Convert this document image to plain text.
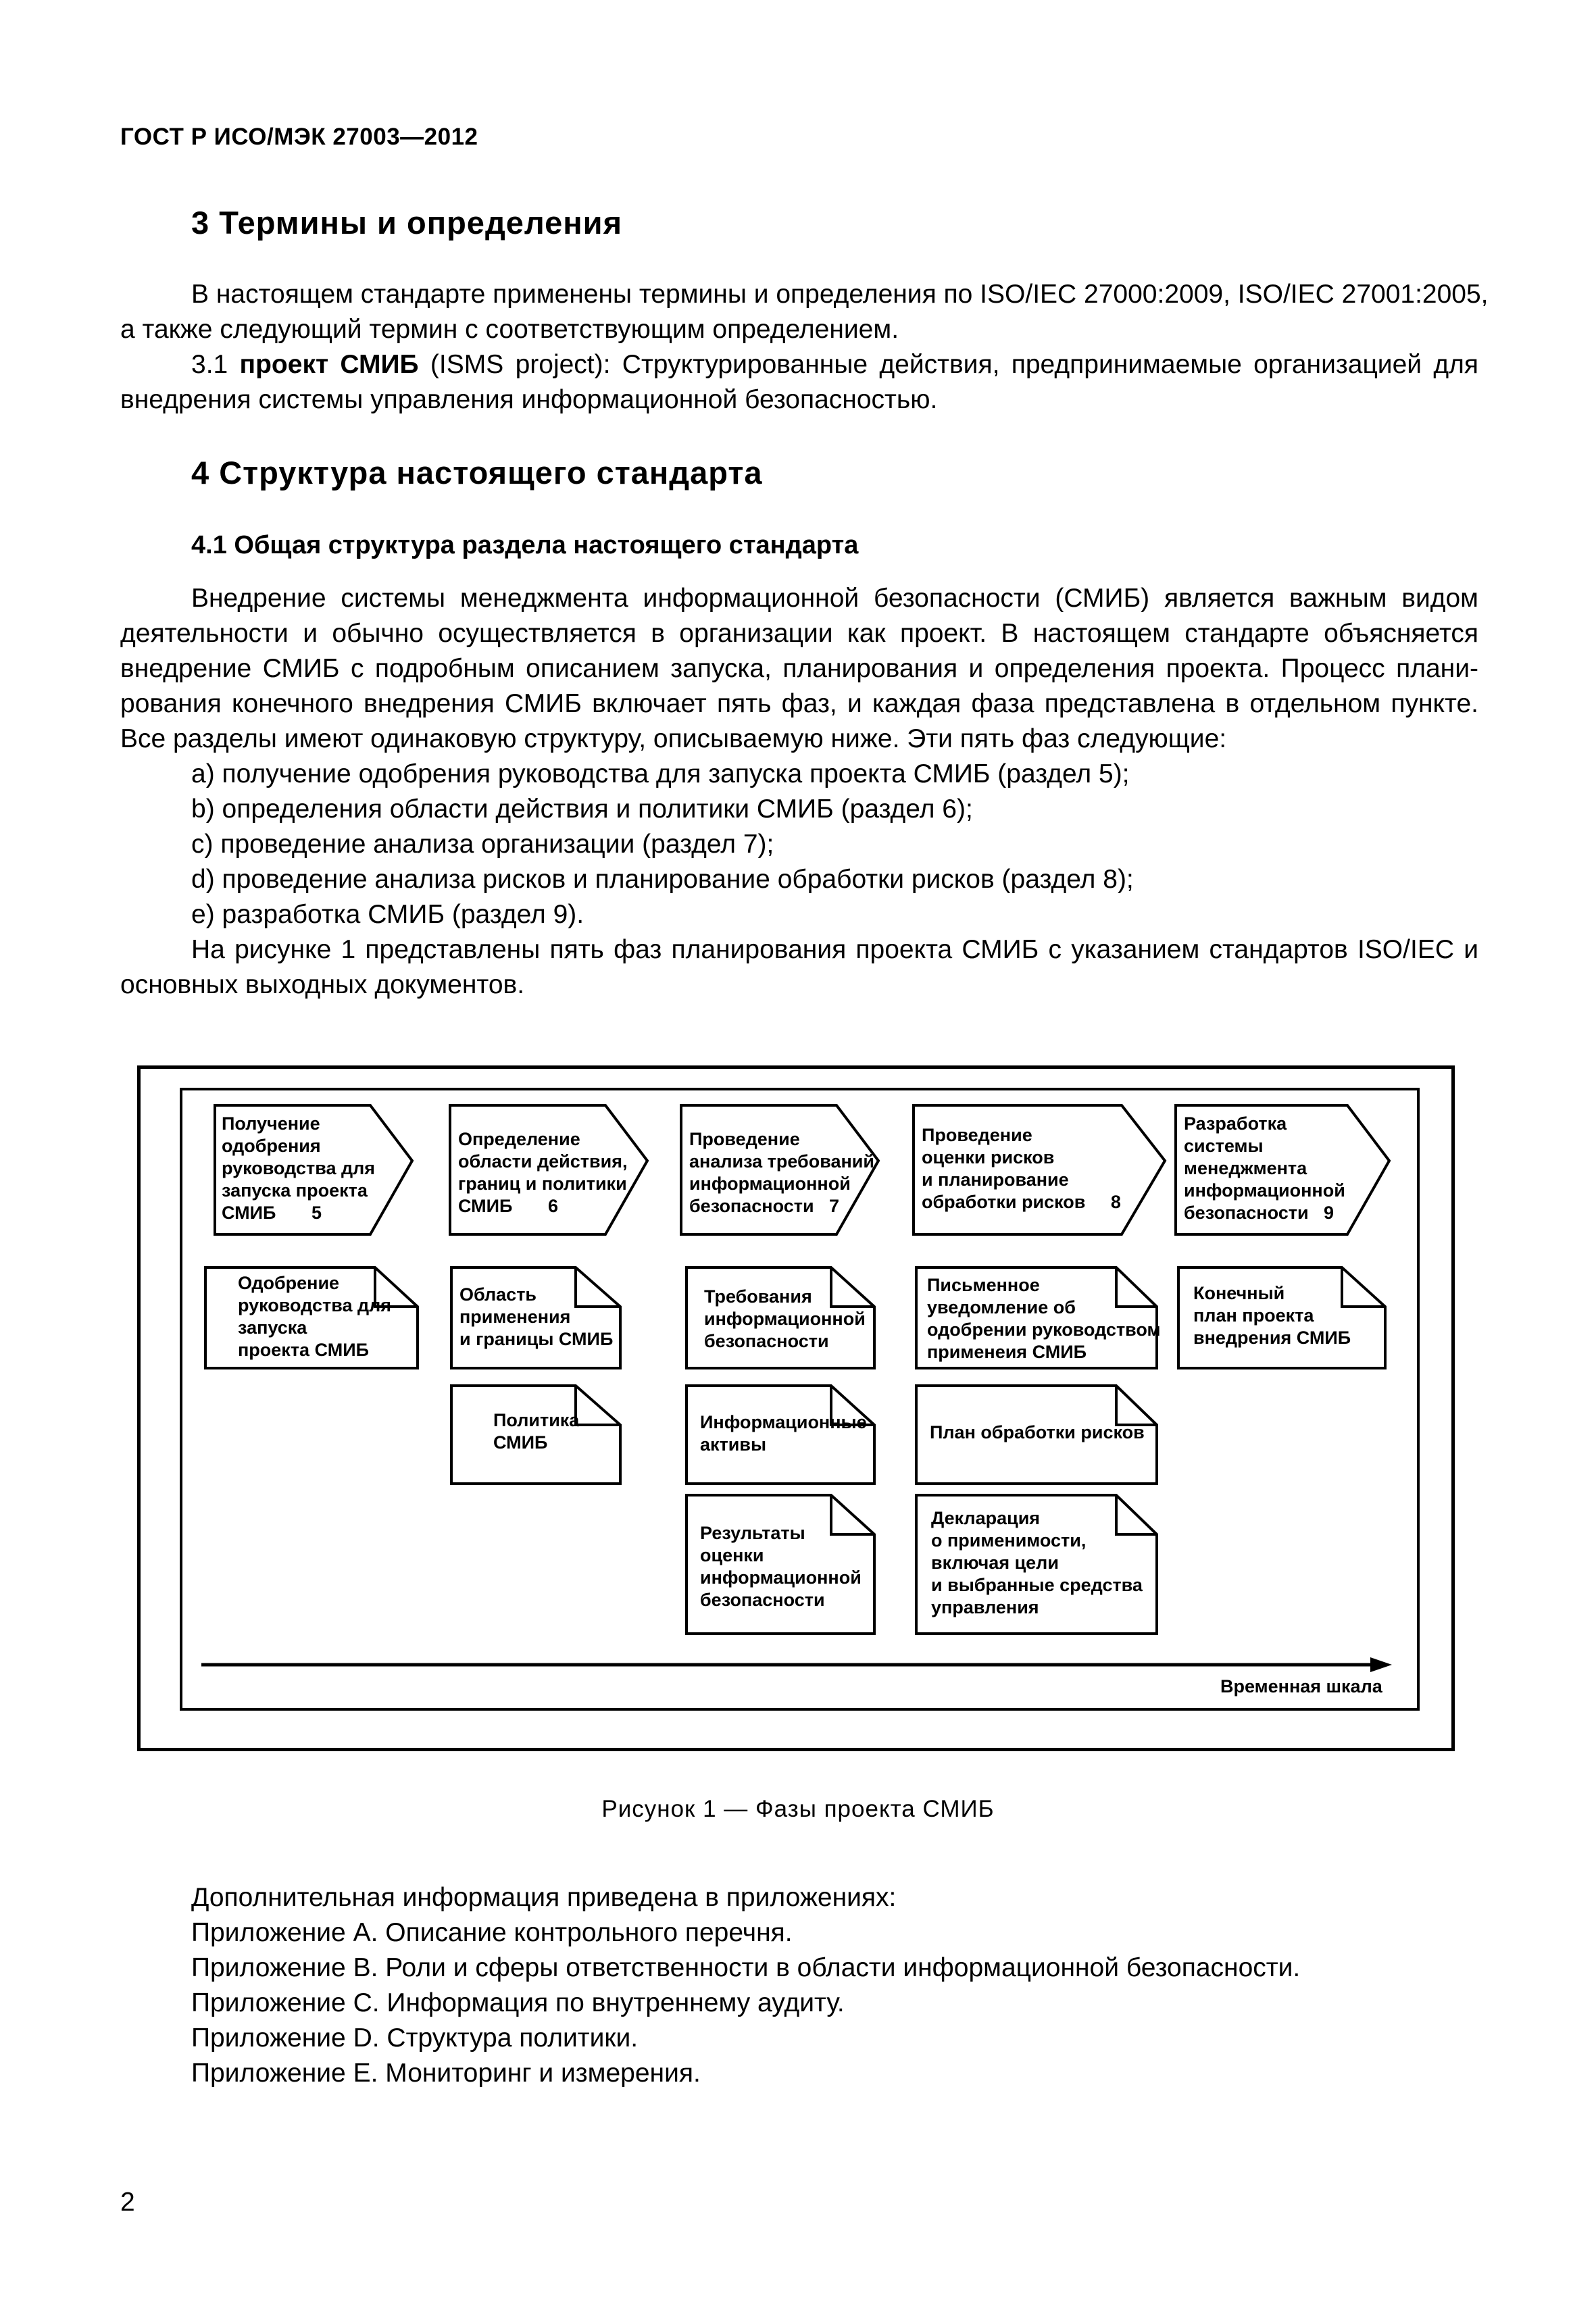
ГОСТ Р ИСО/МЭК 27003—2012
3 Термины и определения
В настоящем стандарте применены термины и определения по ISO/IEC 27000:2009, ISO/IEC 27001:2005,
а также следующий термин с соответствующим определением.
3.1 проект СМИБ (ISMS project): Структурированные действия, предпринимаемые организацией для
внедрения системы управления информационной безопасностью.
4 Структура настоящего стандарта
4.1 Общая структура раздела настоящего стандарта
Внедрение системы менеджмента информационной безопасности (СМИБ) является важным видом
деятельности и обычно осуществляется в организации как проект. В настоящем стандарте объясняется
внедрение СМИБ с подробным описанием запуска, планирования и определения проекта. Процесс плани-
рования конечного внедрения СМИБ включает пять фаз, и каждая фаза представлена в отдельном пункте.
Все разделы имеют одинаковую структуру, описываемую ниже. Эти пять фаз следующие:
a) получение одобрения руководства для запуска проекта СМИБ (раздел 5);
b) определения области действия и политики СМИБ (раздел 6);
c) проведение анализа организации (раздел 7);
d) проведение анализа рисков и планирование обработки рисков (раздел 8);
e) разработка СМИБ (раздел 9).
На рисунке 1 представлены пять фаз планирования проекта СМИБ с указанием стандартов ISO/IEC и
основных выходных документов.
Получение
одобрения
руководства для
запуска проекта
СМИБ       5
Определение
области действия,
границ и политики
СМИБ       6
Проведение
анализа требований
информационной
безопасности   7
Проведение
оценки рисков
и планирование
обработки рисков     8
Разработка
системы
менеджмента
информационной
безопасности   9
Одобрение
руководства для
запуска
проекта СМИБ
Область
применения
и границы СМИБ
Политика
СМИБ
Требования
информационной
безопасности
Информационные
активы
Результаты
оценки
информационной
безопасности
Письменное
уведомление об
одобрении руководством
применеия СМИБ
План обработки рисков
Декларация
о применимости,
включая цели
и выбранные средства
управления
Конечный
план проекта
внедрения СМИБ
Временная шкала
Рисунок 1 — Фазы проекта СМИБ
Дополнительная информация приведена в приложениях:
Приложение А. Описание контрольного перечня.
Приложение B. Роли и сферы ответственности в области информационной безопасности.
Приложение С. Информация по внутреннему аудиту.
Приложение D. Структура политики.
Приложение Е. Мониторинг и измерения.
2
